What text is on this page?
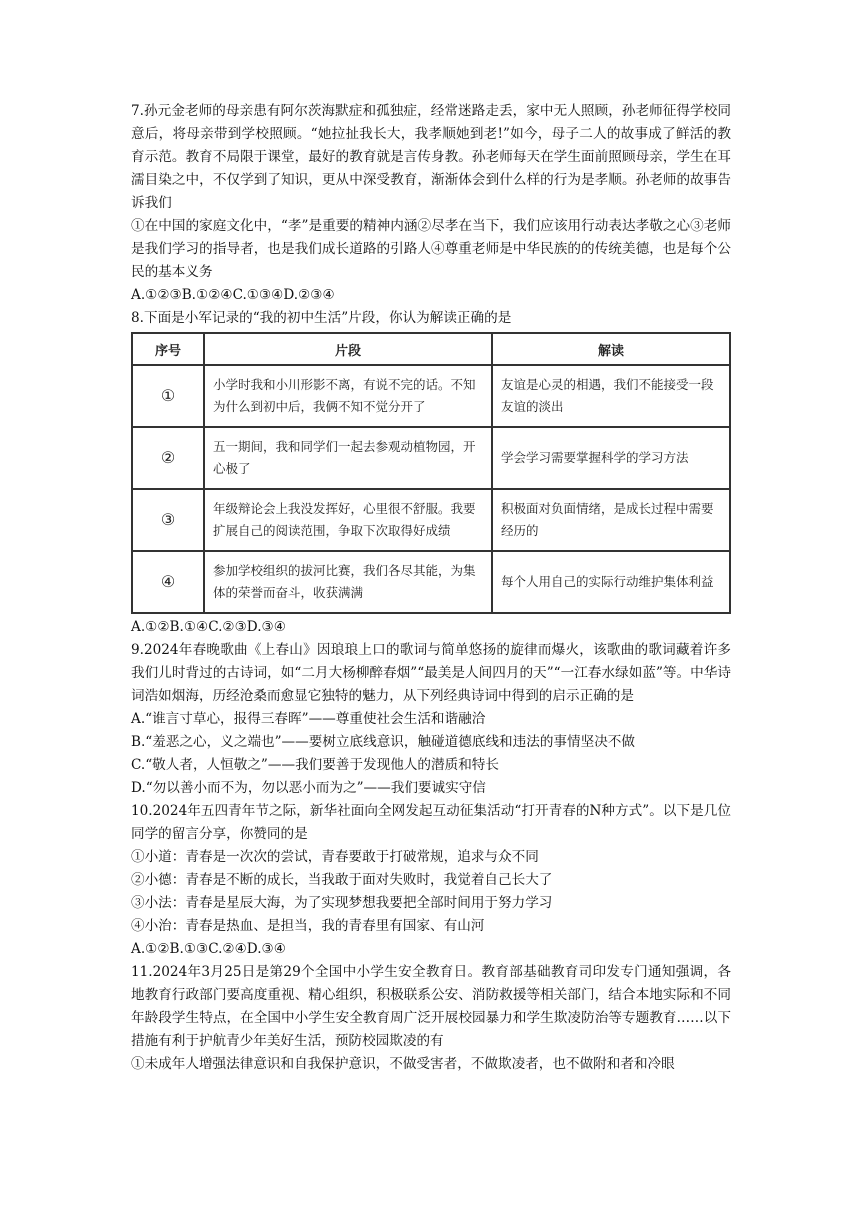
7.孙元金老师的母亲患有阿尔茨海默症和孤独症，经常迷路走丢，家中无人照顾，孙老师征得学校同意后，将母亲带到学校照顾。“她拉扯我长大，我孝顺她到老!”如今，母子二人的故事成了鲜活的教育示范。教育不局限于课堂，最好的教育就是言传身教。孙老师每天在学生面前照顾母亲，学生在耳濡目染之中，不仅学到了知识，更从中深受教育，渐渐体会到什么样的行为是孝顺。孙老师的故事告诉我们

①在中国的家庭文化中，“孝”是重要的精神内涵②尽孝在当下，我们应该用行动表达孝敬之心③老师是我们学习的指导者，也是我们成长道路的引路人④尊重老师是中华民族的的传统美德，也是每个公民的基本义务

A.①②③B.①②④C.①③④D.②③④

8.下面是小军记录的“我的初中生活”片段，你认为解读正确的是

序号	片段	解读
①	小学时我和小川形影不离，有说不完的话。不知为什么到初中后，我俩不知不觉分开了	友谊是心灵的相遇，我们不能接受一段友谊的淡出
②	五一期间，我和同学们一起去参观动植物园，开心极了	学会学习需要掌握科学的学习方法
③	年级辩论会上我没发挥好，心里很不舒服。我要扩展自己的阅读范围，争取下次取得好成绩	积极面对负面情绪，是成长过程中需要经历的
④	参加学校组织的拔河比赛，我们各尽其能，为集体的荣誉而奋斗，收获满满	每个人用自己的实际行动维护集体利益

A.①②B.①④C.②③D.③④

9.2024年春晚歌曲《上春山》因琅琅上口的歌词与简单悠扬的旋律而爆火，该歌曲的歌词藏着许多我们儿时背过的古诗词，如“二月大杨柳醉春烟”“最美是人间四月的天”“一江春水绿如蓝”等。中华诗词浩如烟海，历经沧桑而愈显它独特的魅力，从下列经典诗词中得到的启示正确的是

A.“谁言寸草心，报得三春晖”——尊重使社会生活和谐融洽

B.“羞恶之心，义之端也”——要树立底线意识，触碰道德底线和违法的事情坚决不做

C.“敬人者，人恒敬之”——我们要善于发现他人的潜质和特长

D.“勿以善小而不为，勿以恶小而为之”——我们要诚实守信

10.2024年五四青年节之际，新华社面向全网发起互动征集活动“打开青春的N种方式”。以下是几位同学的留言分享，你赞同的是

①小道：青春是一次次的尝试，青春要敢于打破常规，追求与众不同

②小德：青春是不断的成长，当我敢于面对失败时，我觉着自己长大了

③小法：青春是星辰大海，为了实现梦想我要把全部时间用于努力学习

④小治：青春是热血、是担当，我的青春里有国家、有山河

A.①②B.①③C.②④D.③④

11.2024年3月25日是第29个全国中小学生安全教育日。教育部基础教育司印发专门通知强调，各地教育行政部门要高度重视、精心组织，积极联系公安、消防救援等相关部门，结合本地实际和不同年龄段学生特点，在全国中小学生安全教育周广泛开展校园暴力和学生欺凌防治等专题教育……以下措施有利于护航青少年美好生活，预防校园欺凌的有

①未成年人增强法律意识和自我保护意识，不做受害者，不做欺凌者，也不做附和者和冷眼
